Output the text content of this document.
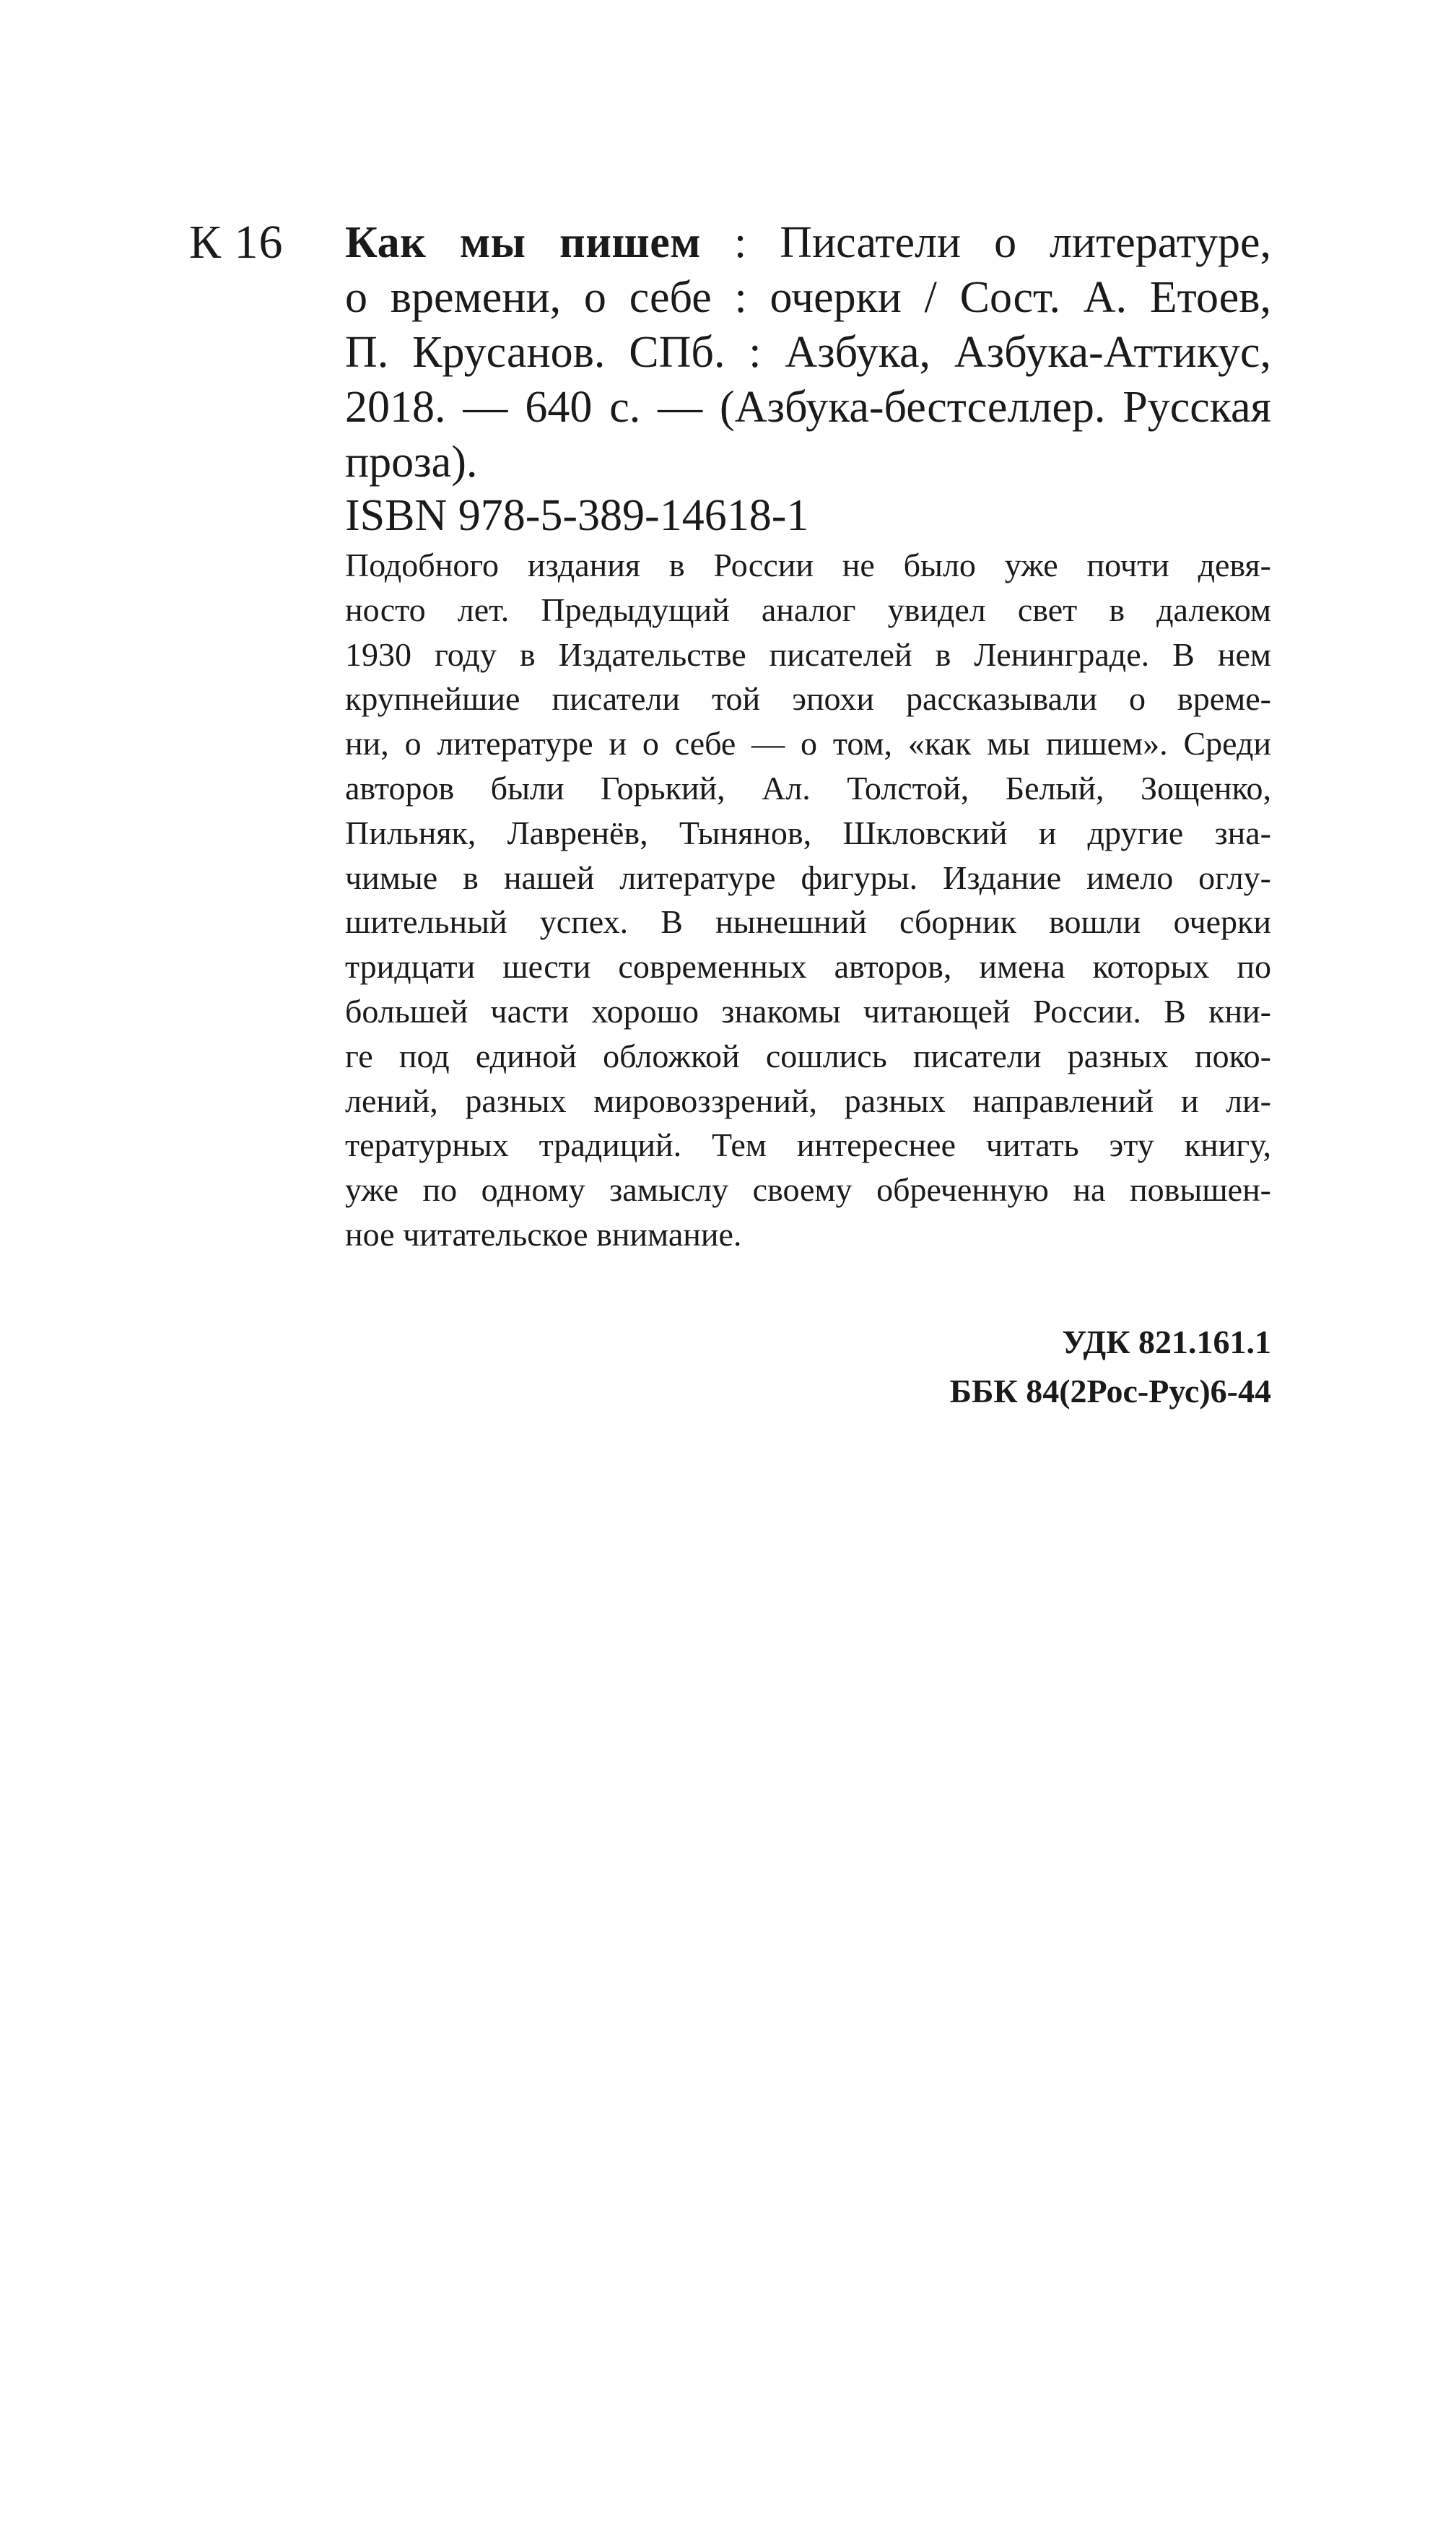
К 16 Как мы пишем : Писатели о литературе,
о времени, о себе : очерки / Сост. А. Етоев,
П. Крусанов. СПб. : Азбука, Азбука-Аттикус,
2018. — 640 с. — (Азбука-бестселлер. Русская
проза).
ISBN 978-5-389-14618-1
Подобного издания в России не было уже почти девя-
носто лет. Предыдущий аналог увидел свет в далеком
1930 году в Издательстве писателей в Ленинграде. В нем
крупнейшие писатели той эпохи рассказывали о време-
ни, о литературе и о себе — о том, «как мы пишем». Среди
авторов были Горький, Ал. Толстой, Белый, Зощенко,
Пильняк, Лавренёв, Тынянов, Шкловский и другие зна-
чимые в нашей литературе фигуры. Издание имело оглу-
шительный успех. В нынешний сборник вошли очерки
тридцати шести современных авторов, имена которых по
большей части хорошо знакомы читающей России. В кни-
ге под единой обложкой сошлись писатели разных поко-
лений, разных мировоззрений, разных направлений и ли-
тературных традиций. Тем интереснее читать эту книгу,
уже по одному замыслу своему обреченную на повышен-
ное читательское внимание.
УДК 821.161.1
ББК 84(2Рос-Рус)6-44
